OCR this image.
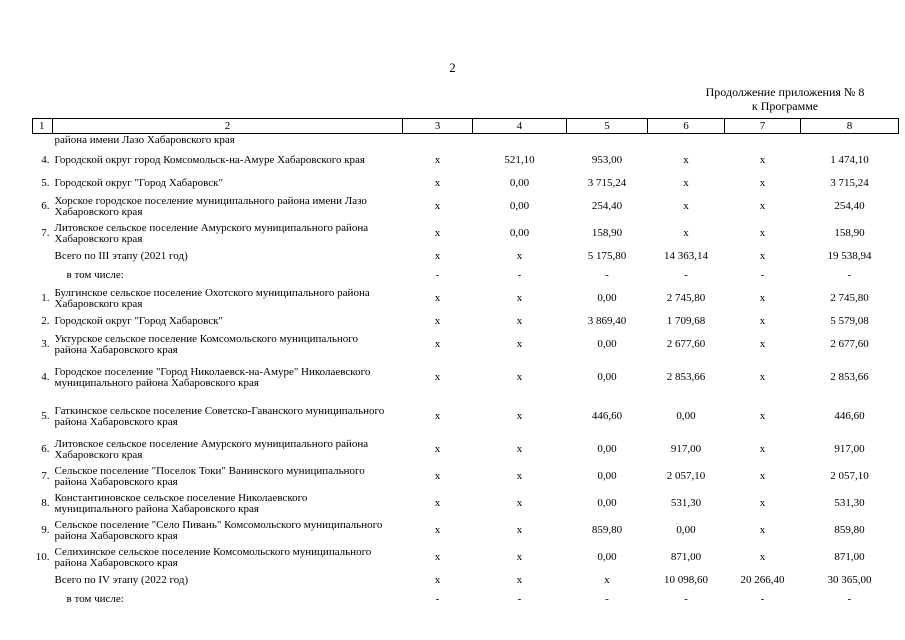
2
Продолжение приложения № 8
к Программе
1	2	3	4	5	6	7	8
	района имени Лазо Хабаровского края						
4.	Городской округ город Комсомольск-на-Амуре Хабаровского края	х	521,10	953,00	х	х	1 474,10
5.	Городской округ "Город Хабаровск"	х	0,00	3 715,24	х	х	3 715,24
6.	Хорское городское поселение муниципального района имени Лазо Хабаровского края	х	0,00	254,40	х	х	254,40
7.	Литовское сельское поселение Амурского муниципального района Хабаровского края	х	0,00	158,90	х	х	158,90
	Всего по III этапу (2021 год)	х	х	5 175,80	14 363,14	х	19 538,94
	в том числе:	-	-	-	-	-	-
1.	Булгинское сельское поселение Охотского муниципального района Хабаровского края	х	х	0,00	2 745,80	х	2 745,80
2.	Городской округ "Город Хабаровск"	х	х	3 869,40	1 709,68	х	5 579,08
3.	Уктурское сельское поселение Комсомольского муниципального района Хабаровского края	х	х	0,00	2 677,60	х	2 677,60
4.	Городское поселение "Город Николаевск-на-Амуре" Николаевского муниципального района Хабаровского края	х	х	0,00	2 853,66	х	2 853,66
5.	Гаткинское сельское поселение Советско-Гаванского муниципального района Хабаровского края	х	х	446,60	0,00	х	446,60
6.	Литовское сельское поселение Амурского муниципального района Хабаровского края	х	х	0,00	917,00	х	917,00
7.	Сельское поселение "Поселок Токи" Ванинского муниципального района Хабаровского края	х	х	0,00	2 057,10	х	2 057,10
8.	Константиновское сельское поселение Николаевского муниципального района Хабаровского края	х	х	0,00	531,30	х	531,30
9.	Сельское поселение "Село Пивань" Комсомольского муниципального района Хабаровского края	х	х	859,80	0,00	х	859,80
10.	Селихинское сельское поселение Комсомольского муниципального района Хабаровского края	х	х	0,00	871,00	х	871,00
	Всего по IV этапу (2022 год)	х	х	х	10 098,60	20 266,40	30 365,00
	в том числе:	-	-	-	-	-	-
